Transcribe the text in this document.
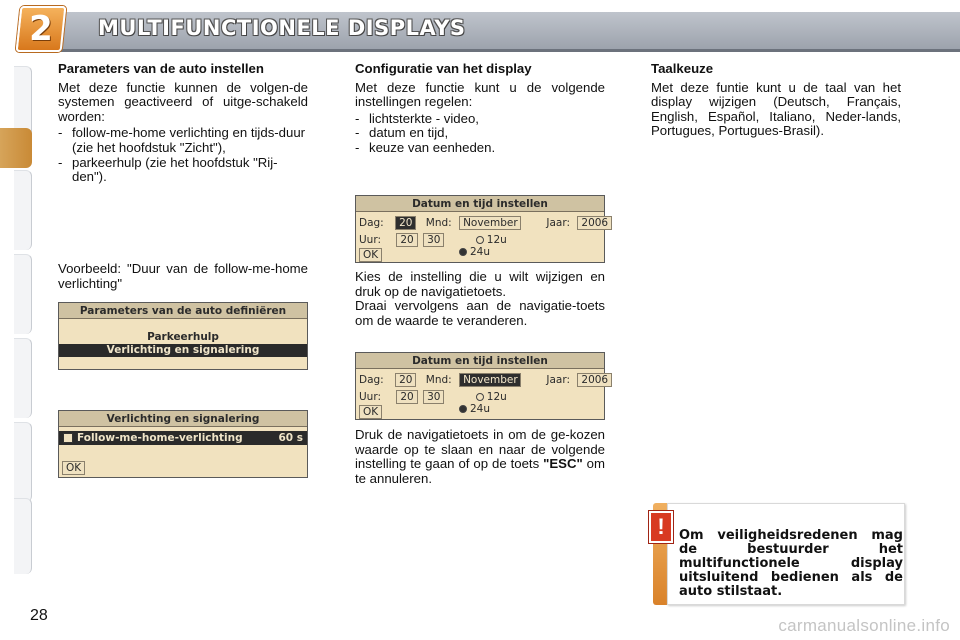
2	MULTIFUNCTIONELE DISPLAYS
Parameters van de auto instellen

Met deze functie kunnen de volgen-de systemen geactiveerd of uitge-schakeld worden:

- follow-me-home verlichting en tijds-duur (zie het hoofdstuk "Zicht"),
- parkeerhulp (zie het hoofdstuk "Rij-den").
Voorbeeld: "Duur van de follow-me-home verlichting"
Parameters van de auto definiëren
Parkeerhulp
Verlichting en signalering
Verlichting en signalering
Follow-me-home-verlichting	60 s
OK
Configuratie van het display

Met deze functie kunt u de volgende instellingen regelen:

- lichtsterkte - video,
- datum en tijd,
- keuze van eenheden.
Datum en tijd instellen
Dag: 20 Mnd: November	Jaar: 2006
Uur: 20 30	12u
24u
OK
Kies de instelling die u wilt wijzigen en druk op de navigatietoets.
Draai vervolgens aan de navigatie-toets om de waarde te veranderen.
Datum en tijd instellen
Dag: 20 Mnd: November	Jaar: 2006
Uur: 20 30	12u
24u
OK
Druk de navigatietoets in om de ge-kozen waarde op te slaan en naar de volgende instelling te gaan of op de toets "ESC" om te annuleren.
Taalkeuze

Met deze funtie kunt u de taal van het display wijzigen (Deutsch, Français, English, Español, Italiano, Neder-lands, Portugues, Portugues-Brasil).

!	Om veiligheidsredenen mag de bestuurder het multifunctionele display uitsluitend bedienen als de auto stilstaat.
28
carmanualsonline.info
